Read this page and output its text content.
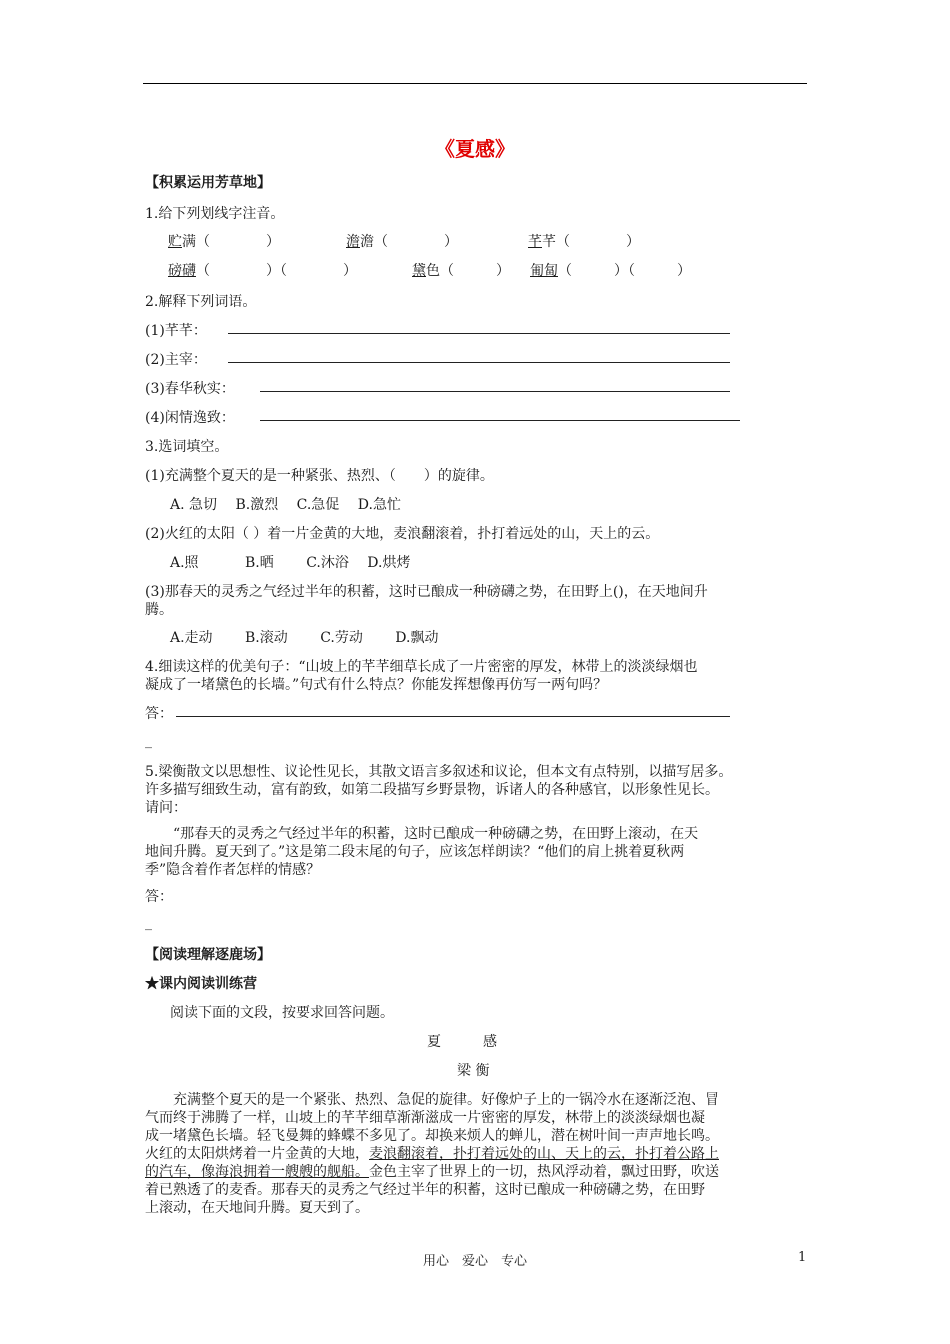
《夏感》
【积累运用芳草地】
1.给下列划线字注音。
贮满（　　　　）	澹澹（　　　　）	芊芊（　　　　）
磅礴（　　　　）（　　　　）	黛色（　　　） 匍匐（　　　）（　　　）
2.解释下列词语。
(1)芊芊：
(2)主宰：
(3)春华秋实：
(4)闲情逸致：
3.选词填空。
(1)充满整个夏天的是一种紧张、热烈、（　　）的旋律。
A. 急切　 B.激烈　 C.急促　 D.急忙
(2)火红的太阳（ ）着一片金黄的大地，麦浪翻滚着，扑打着远处的山，天上的云。
A.照　　　 B.晒　　 C.沐浴　 D.烘烤
(3)那春天的灵秀之气经过半年的积蓄，这时已酿成一种磅礴之势，在田野上()，在天地间升
腾。
A.走动　　 B.滚动　　 C.劳动　　 D.飘动
4.细读这样的优美句子：“山坡上的芊芊细草长成了一片密密的厚发，林带上的淡淡绿烟也
凝成了一堵黛色的长墙。”句式有什么特点？你能发挥想像再仿写一两句吗？
答：
_
5.梁衡散文以思想性、议论性见长，其散文语言多叙述和议论，但本文有点特别，以描写居多。
许多描写细致生动，富有韵致，如第二段描写乡野景物，诉诸人的各种感官，以形象性见长。
请问：
　　“那春天的灵秀之气经过半年的积蓄，这时已酿成一种磅礴之势，在田野上滚动，在天
地间升腾。夏天到了。”这是第二段末尾的句子，应该怎样朗读？“他们的肩上挑着夏秋两
季”隐含着作者怎样的情感？
答：
_
【阅读理解逐鹿场】
★课内阅读训练营
阅读下面的文段，按要求回答问题。
夏　　　感
梁 衡
　　充满整个夏天的是一个紧张、热烈、急促的旋律。好像炉子上的一锅冷水在逐渐泛泡、冒
气而终于沸腾了一样，山坡上的芊芊细草渐渐滋成一片密密的厚发，林带上的淡淡绿烟也凝
成一堵黛色长墙。轻飞曼舞的蜂蝶不多见了。却换来烦人的蝉儿，潜在树叶间一声声地长鸣。
火红的太阳烘烤着一片金黄的大地，麦浪翻滚着，扑打着远处的山、天上的云，扑打着公路上
的汽车，像海浪拥着一艘艘的舰船。金色主宰了世界上的一切，热风浮动着，飘过田野，吹送
着已熟透了的麦香。那春天的灵秀之气经过半年的积蓄，这时已酿成一种磅礴之势，在田野
上滚动，在天地间升腾。夏天到了。
用心　爱心　专心	1
